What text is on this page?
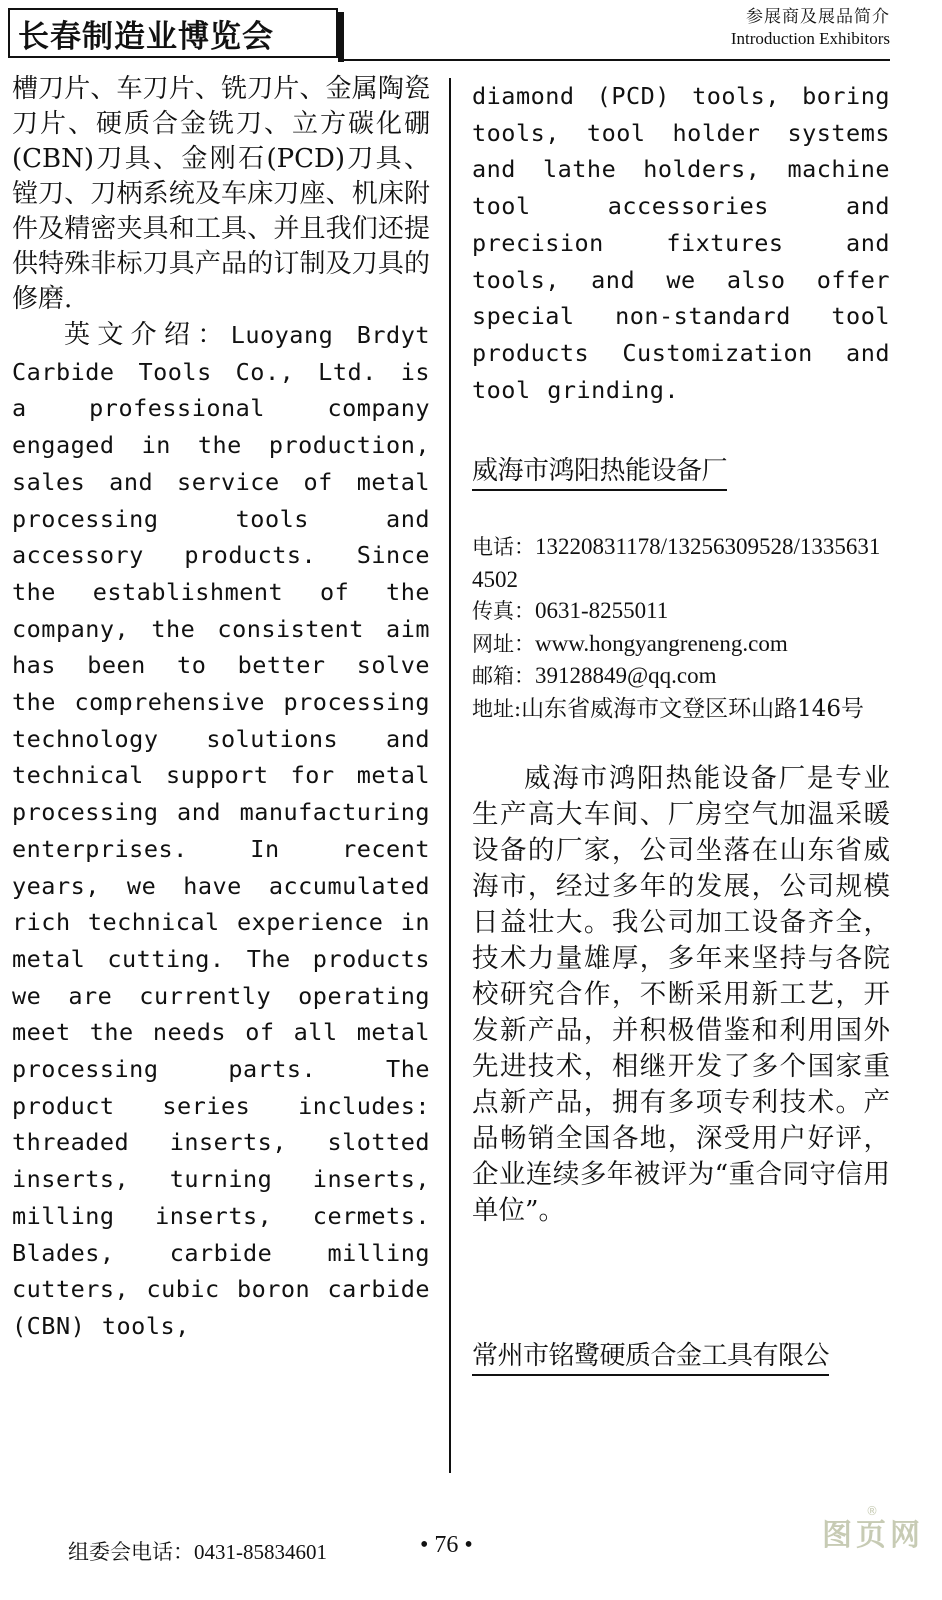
长春制造业博览会
参展商及展品简介
Introduction Exhibitors

槽刀片、车刀片、铣刀片、金属陶瓷刀片、硬质合金铣刀、立方碳化硼(CBN)刀具、金刚石(PCD)刀具、镗刀、刀柄系统及车床刀座、机床附件及精密夹具和工具、并且我们还提供特殊非标刀具产品的订制及刀具的修磨.

英文介绍：Luoyang Brdyt Carbide Tools Co., Ltd. is a professional company engaged in the production, sales and service of metal processing tools and accessory products. Since the establishment of the company, the consistent aim has been to better solve the comprehensive processing technology solutions and technical support for metal processing and manufacturing enterprises. In recent years, we have accumulated rich technical experience in metal cutting. The products we are currently operating meet the needs of all metal processing parts. The product series includes: threaded inserts, slotted inserts, turning inserts, milling inserts, cermets. Blades, carbide milling cutters, cubic boron carbide (CBN) tools,

diamond (PCD) tools, boring tools, tool holder systems and lathe holders, machine tool accessories and precision fixtures and tools, and we also offer special non-standard tool products Customization and tool grinding.

威海市鸿阳热能设备厂

电话：13220831178/13256309528/13356314502

传真：0631-8255011

网址：www.hongyangreneng.com

邮箱：39128849@qq.com

地址:山东省威海市文登区环山路146号

威海市鸿阳热能设备厂是专业生产高大车间、厂房空气加温采暖设备的厂家，公司坐落在山东省威海市，经过多年的发展，公司规模日益壮大。我公司加工设备齐全，技术力量雄厚，多年来坚持与各院校研究合作，不断采用新工艺，开发新产品，并积极借鉴和利用国外先进技术，相继开发了多个国家重点新产品，拥有多项专利技术。产品畅销全国各地，深受用户好评，企业连续多年被评为“重合同守信用单位”。

常州市铭鹭硬质合金工具有限公
组委会电话：0431-85834601	• 76 •
®
图页网
